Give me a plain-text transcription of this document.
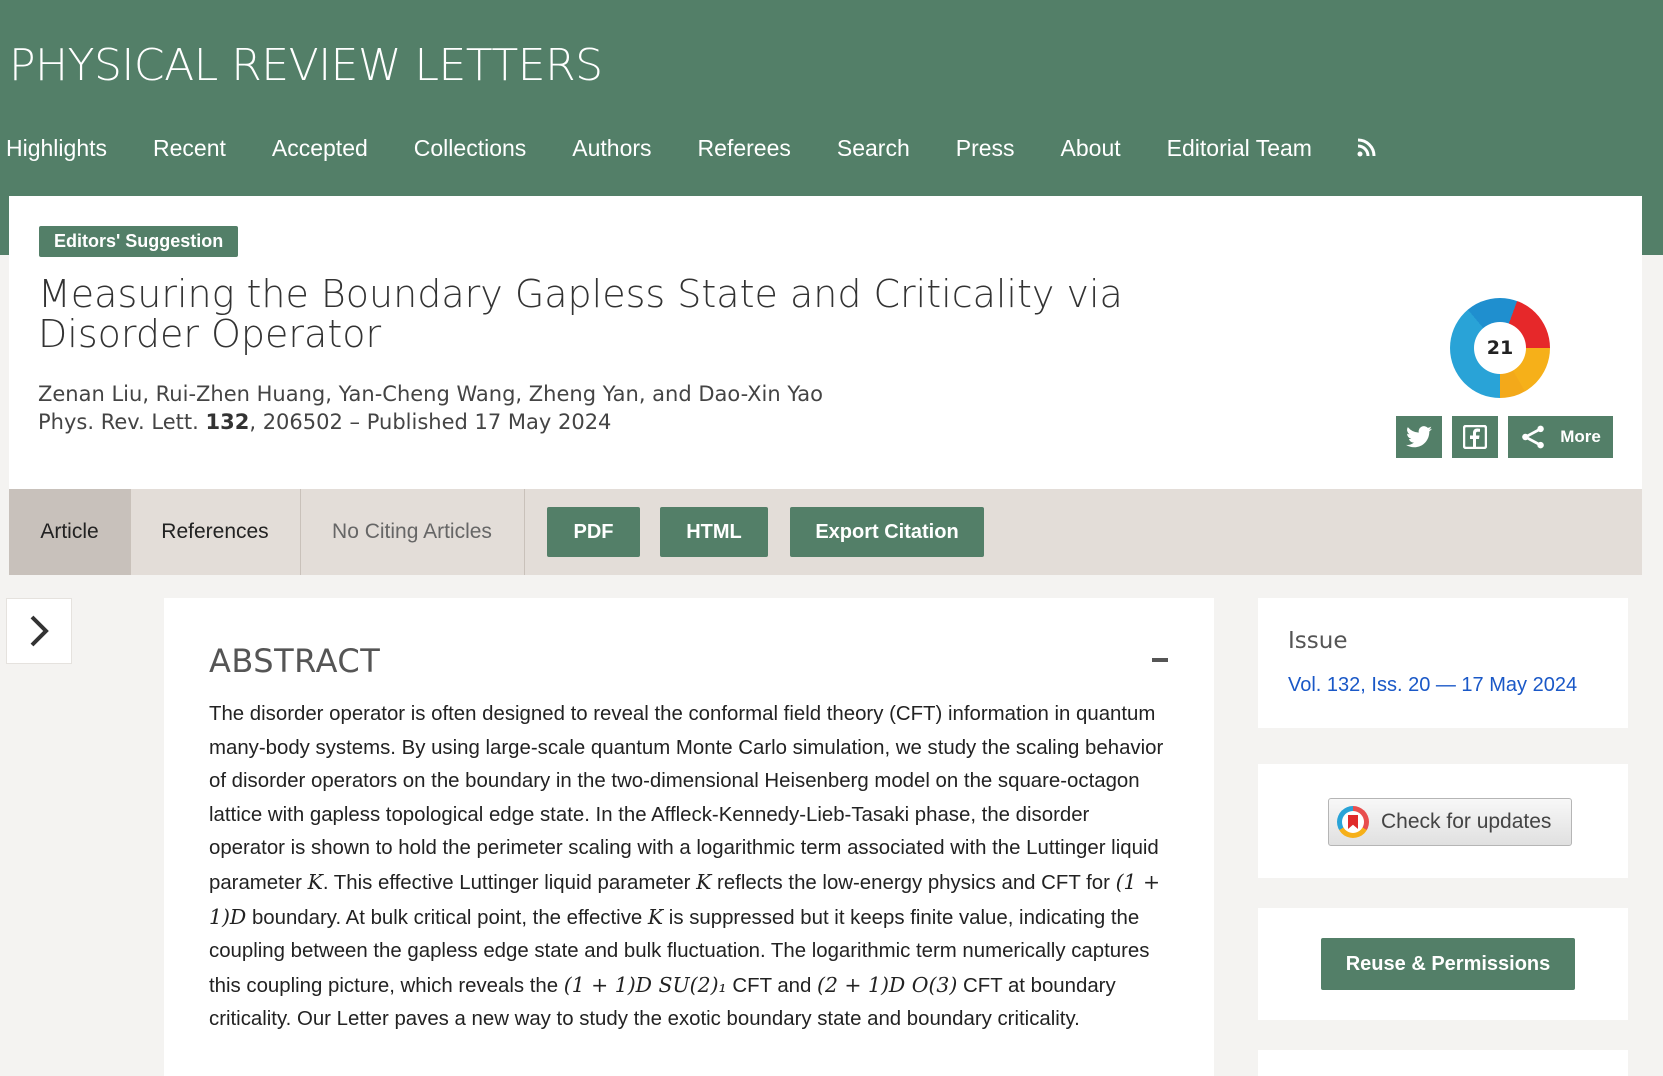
PHYSICAL REVIEW LETTERS
Highlights Recent Accepted Collections Authors Referees Search Press About Editorial Team
Editors' Suggestion
Measuring the Boundary Gapless State and Criticality via Disorder Operator
Zenan Liu, Rui-Zhen Huang, Yan-Cheng Wang, Zheng Yan, and Dao-Xin Yao
Phys. Rev. Lett. 132, 206502 – Published 17 May 2024
21
More
Article	References	No Citing Articles	PDF	HTML	Export Citation
ABSTRACT
The disorder operator is often designed to reveal the conformal field theory (CFT) information in quantum many-body systems. By using large-scale quantum Monte Carlo simulation, we study the scaling behavior of disorder operators on the boundary in the two-dimensional Heisenberg model on the square-octagon lattice with gapless topological edge state. In the Affleck-Kennedy-Lieb-Tasaki phase, the disorder operator is shown to hold the perimeter scaling with a logarithmic term associated with the Luttinger liquid parameter K. This effective Luttinger liquid parameter K reflects the low-energy physics and CFT for (1 + 1)D boundary. At bulk critical point, the effective K is suppressed but it keeps finite value, indicating the coupling between the gapless edge state and bulk fluctuation. The logarithmic term numerically captures this coupling picture, which reveals the (1 + 1)D SU(2)₁ CFT and (2 + 1)D O(3) CFT at boundary criticality. Our Letter paves a new way to study the exotic boundary state and boundary criticality.
Issue
Vol. 132, Iss. 20 — 17 May 2024
Check for updates
Reuse & Permissions
